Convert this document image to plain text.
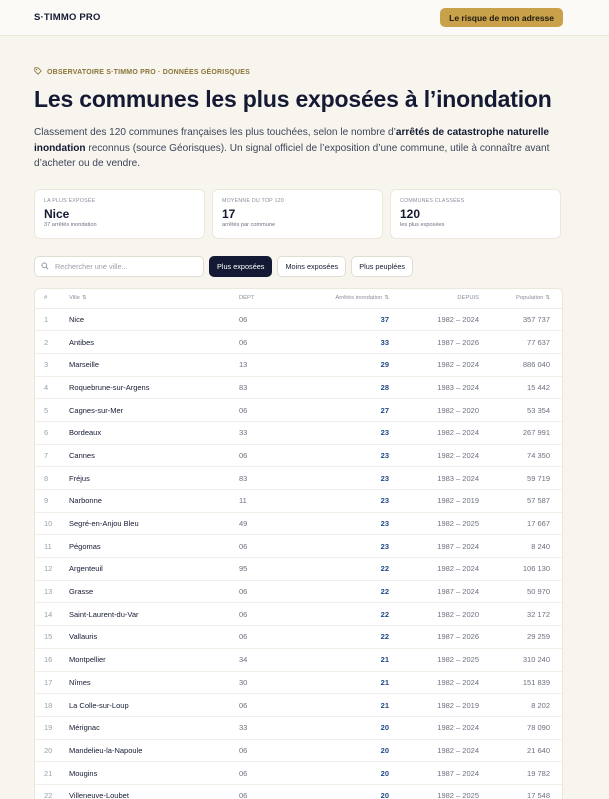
S·TIMMO PRO	Le risque de mon adresse
OBSERVATOIRE S·TIMMO PRO · DONNÉES GÉORISQUES
Les communes les plus exposées à l’inondation

Classement des 120 communes françaises les plus touchées, selon le nombre d’arrêtés de catastrophe naturelle inondation reconnus (source Géorisques). Un signal officiel de l’exposition d’une commune, utile à connaître avant d’acheter ou de vendre.

LA PLUS EXPOSÉE
Nice
37 arrêtés inondation
MOYENNE DU TOP 120
17
arrêtés par commune
COMMUNES CLASSÉES
120
les plus exposées
Rechercher une ville...
Plus exposées	Moins exposées	Plus peuplées
#	Ville ⇅	DÉPT	Arrêtés inondation ⇅	DEPUIS	Population ⇅
1	Nice	06	37	1982 – 2024	357 737
2	Antibes	06	33	1987 – 2026	77 637
3	Marseille	13	29	1982 – 2024	886 040
4	Roquebrune-sur-Argens	83	28	1983 – 2024	15 442
5	Cagnes-sur-Mer	06	27	1982 – 2020	53 354
6	Bordeaux	33	23	1982 – 2024	267 991
7	Cannes	06	23	1982 – 2024	74 350
8	Fréjus	83	23	1983 – 2024	59 719
9	Narbonne	11	23	1982 – 2019	57 587
10	Segré-en-Anjou Bleu	49	23	1982 – 2025	17 667
11	Pégomas	06	23	1987 – 2024	8 240
12	Argenteuil	95	22	1982 – 2024	106 130
13	Grasse	06	22	1987 – 2024	50 970
14	Saint-Laurent-du-Var	06	22	1982 – 2020	32 172
15	Vallauris	06	22	1987 – 2026	29 259
16	Montpellier	34	21	1982 – 2025	310 240
17	Nîmes	30	21	1982 – 2024	151 839
18	La Colle-sur-Loup	06	21	1982 – 2019	8 202
19	Mérignac	33	20	1982 – 2024	78 090
20	Mandelieu-la-Napoule	06	20	1982 – 2024	21 640
21	Mougins	06	20	1987 – 2024	19 782
22	Villeneuve-Loubet	06	20	1982 – 2025	17 548
